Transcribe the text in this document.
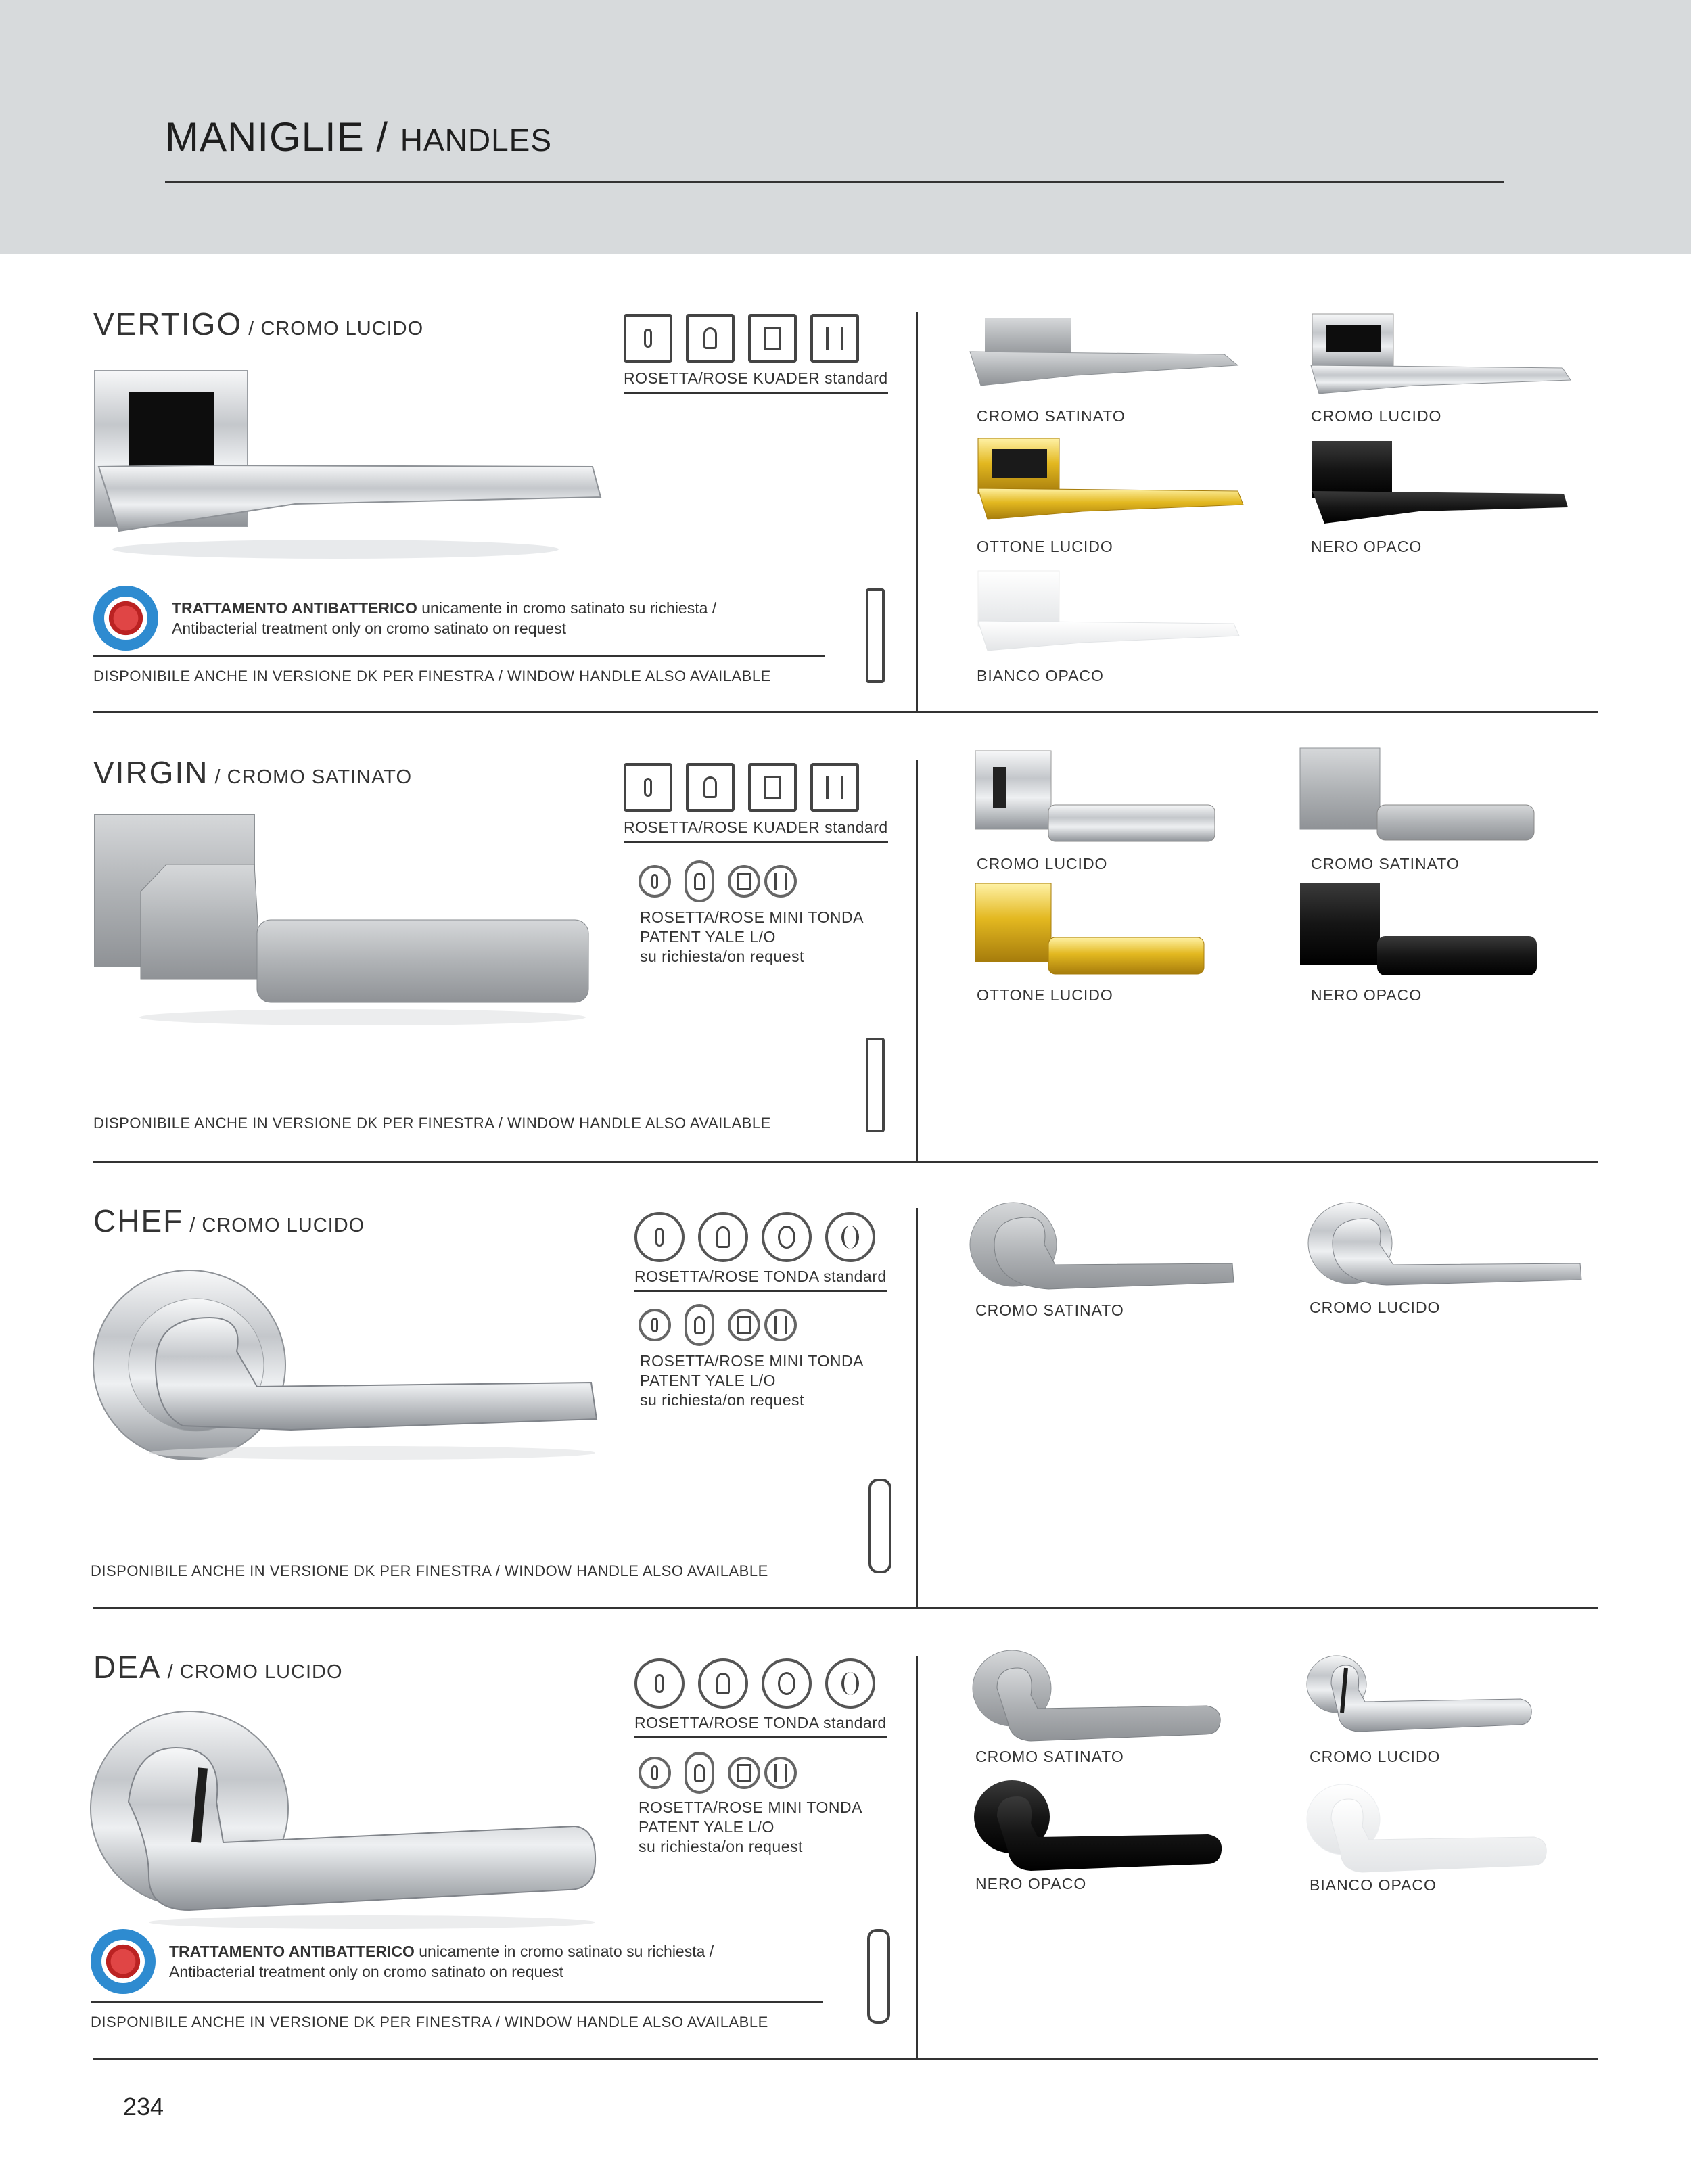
MANIGLIE / HANDLES
VERTIGO / CROMO LUCIDO
ROSETTA/ROSE KUADER standard
TRATTAMENTO ANTIBATTERICO unicamente in cromo satinato su richiesta /
Antibacterial treatment only on cromo satinato on request
DISPONIBILE ANCHE IN VERSIONE DK PER FINESTRA / WINDOW HANDLE ALSO AVAILABLE
CROMO SATINATO	CROMO LUCIDO
OTTONE LUCIDO	NERO OPACO
BIANCO OPACO
VIRGIN / CROMO SATINATO
ROSETTA/ROSE KUADER standard
ROSETTA/ROSE MINI TONDA
PATENT YALE L/O
su richiesta/on request
DISPONIBILE ANCHE IN VERSIONE DK PER FINESTRA / WINDOW HANDLE ALSO AVAILABLE
CROMO LUCIDO	CROMO SATINATO
OTTONE LUCIDO	NERO OPACO
CHEF / CROMO LUCIDO
ROSETTA/ROSE TONDA standard
ROSETTA/ROSE MINI TONDA
PATENT YALE L/O
su richiesta/on request
DISPONIBILE ANCHE IN VERSIONE DK PER FINESTRA / WINDOW HANDLE ALSO AVAILABLE
CROMO SATINATO	CROMO LUCIDO
DEA / CROMO LUCIDO
ROSETTA/ROSE TONDA standard
ROSETTA/ROSE MINI TONDA
PATENT YALE L/O
su richiesta/on request
TRATTAMENTO ANTIBATTERICO unicamente in cromo satinato su richiesta /
Antibacterial treatment only on cromo satinato on request
DISPONIBILE ANCHE IN VERSIONE DK PER FINESTRA / WINDOW HANDLE ALSO AVAILABLE
CROMO SATINATO	CROMO LUCIDO
NERO OPACO	BIANCO OPACO
234
